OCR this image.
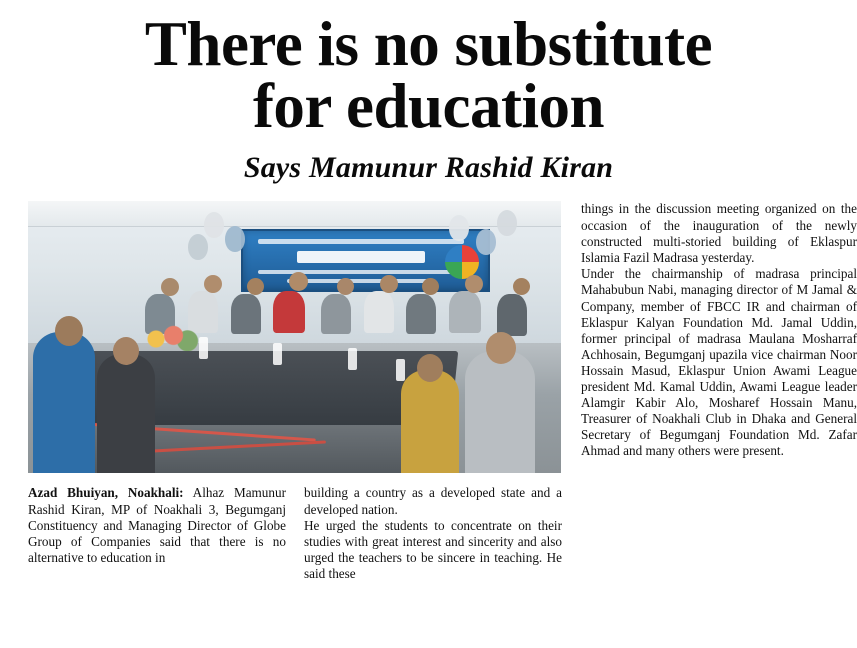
There is no substitute
for education
Says Mamunur Rashid Kiran

things in the discussion meeting organized on the occasion of the inauguration of the newly constructed multi-storied building of Eklaspur Islamia Fazil Madrasa yesterday.

Under the chairmanship of madrasa principal Mahabubun Nabi, managing director of M Jamal & Company, member of FBCC IR and chairman of Eklaspur Kalyan Foundation Md. Jamal Uddin, former principal of madrasa Maulana Mosharraf Achhosain, Begumganj upazila vice chairman Noor Hossain Masud, Eklaspur Union Awami League president Md. Kamal Uddin, Awami League leader Alamgir Kabir Alo, Mosharef Hossain Manu, Treasurer of Noakhali Club in Dhaka and General Secretary of Begumganj Foundation Md. Zafar Ahmad and many others were present.

Azad Bhuiyan, Noakhali: Alhaz Mamunur Rashid Kiran, MP of Noakhali 3, Begumganj Constituency and Managing Director of Globe Group of Companies said that there is no alternative to education in

building a country as a developed state and a developed nation.

He urged the students to concentrate on their studies with great interest and sincerity and also urged the teachers to be sincere in teaching. He said these
